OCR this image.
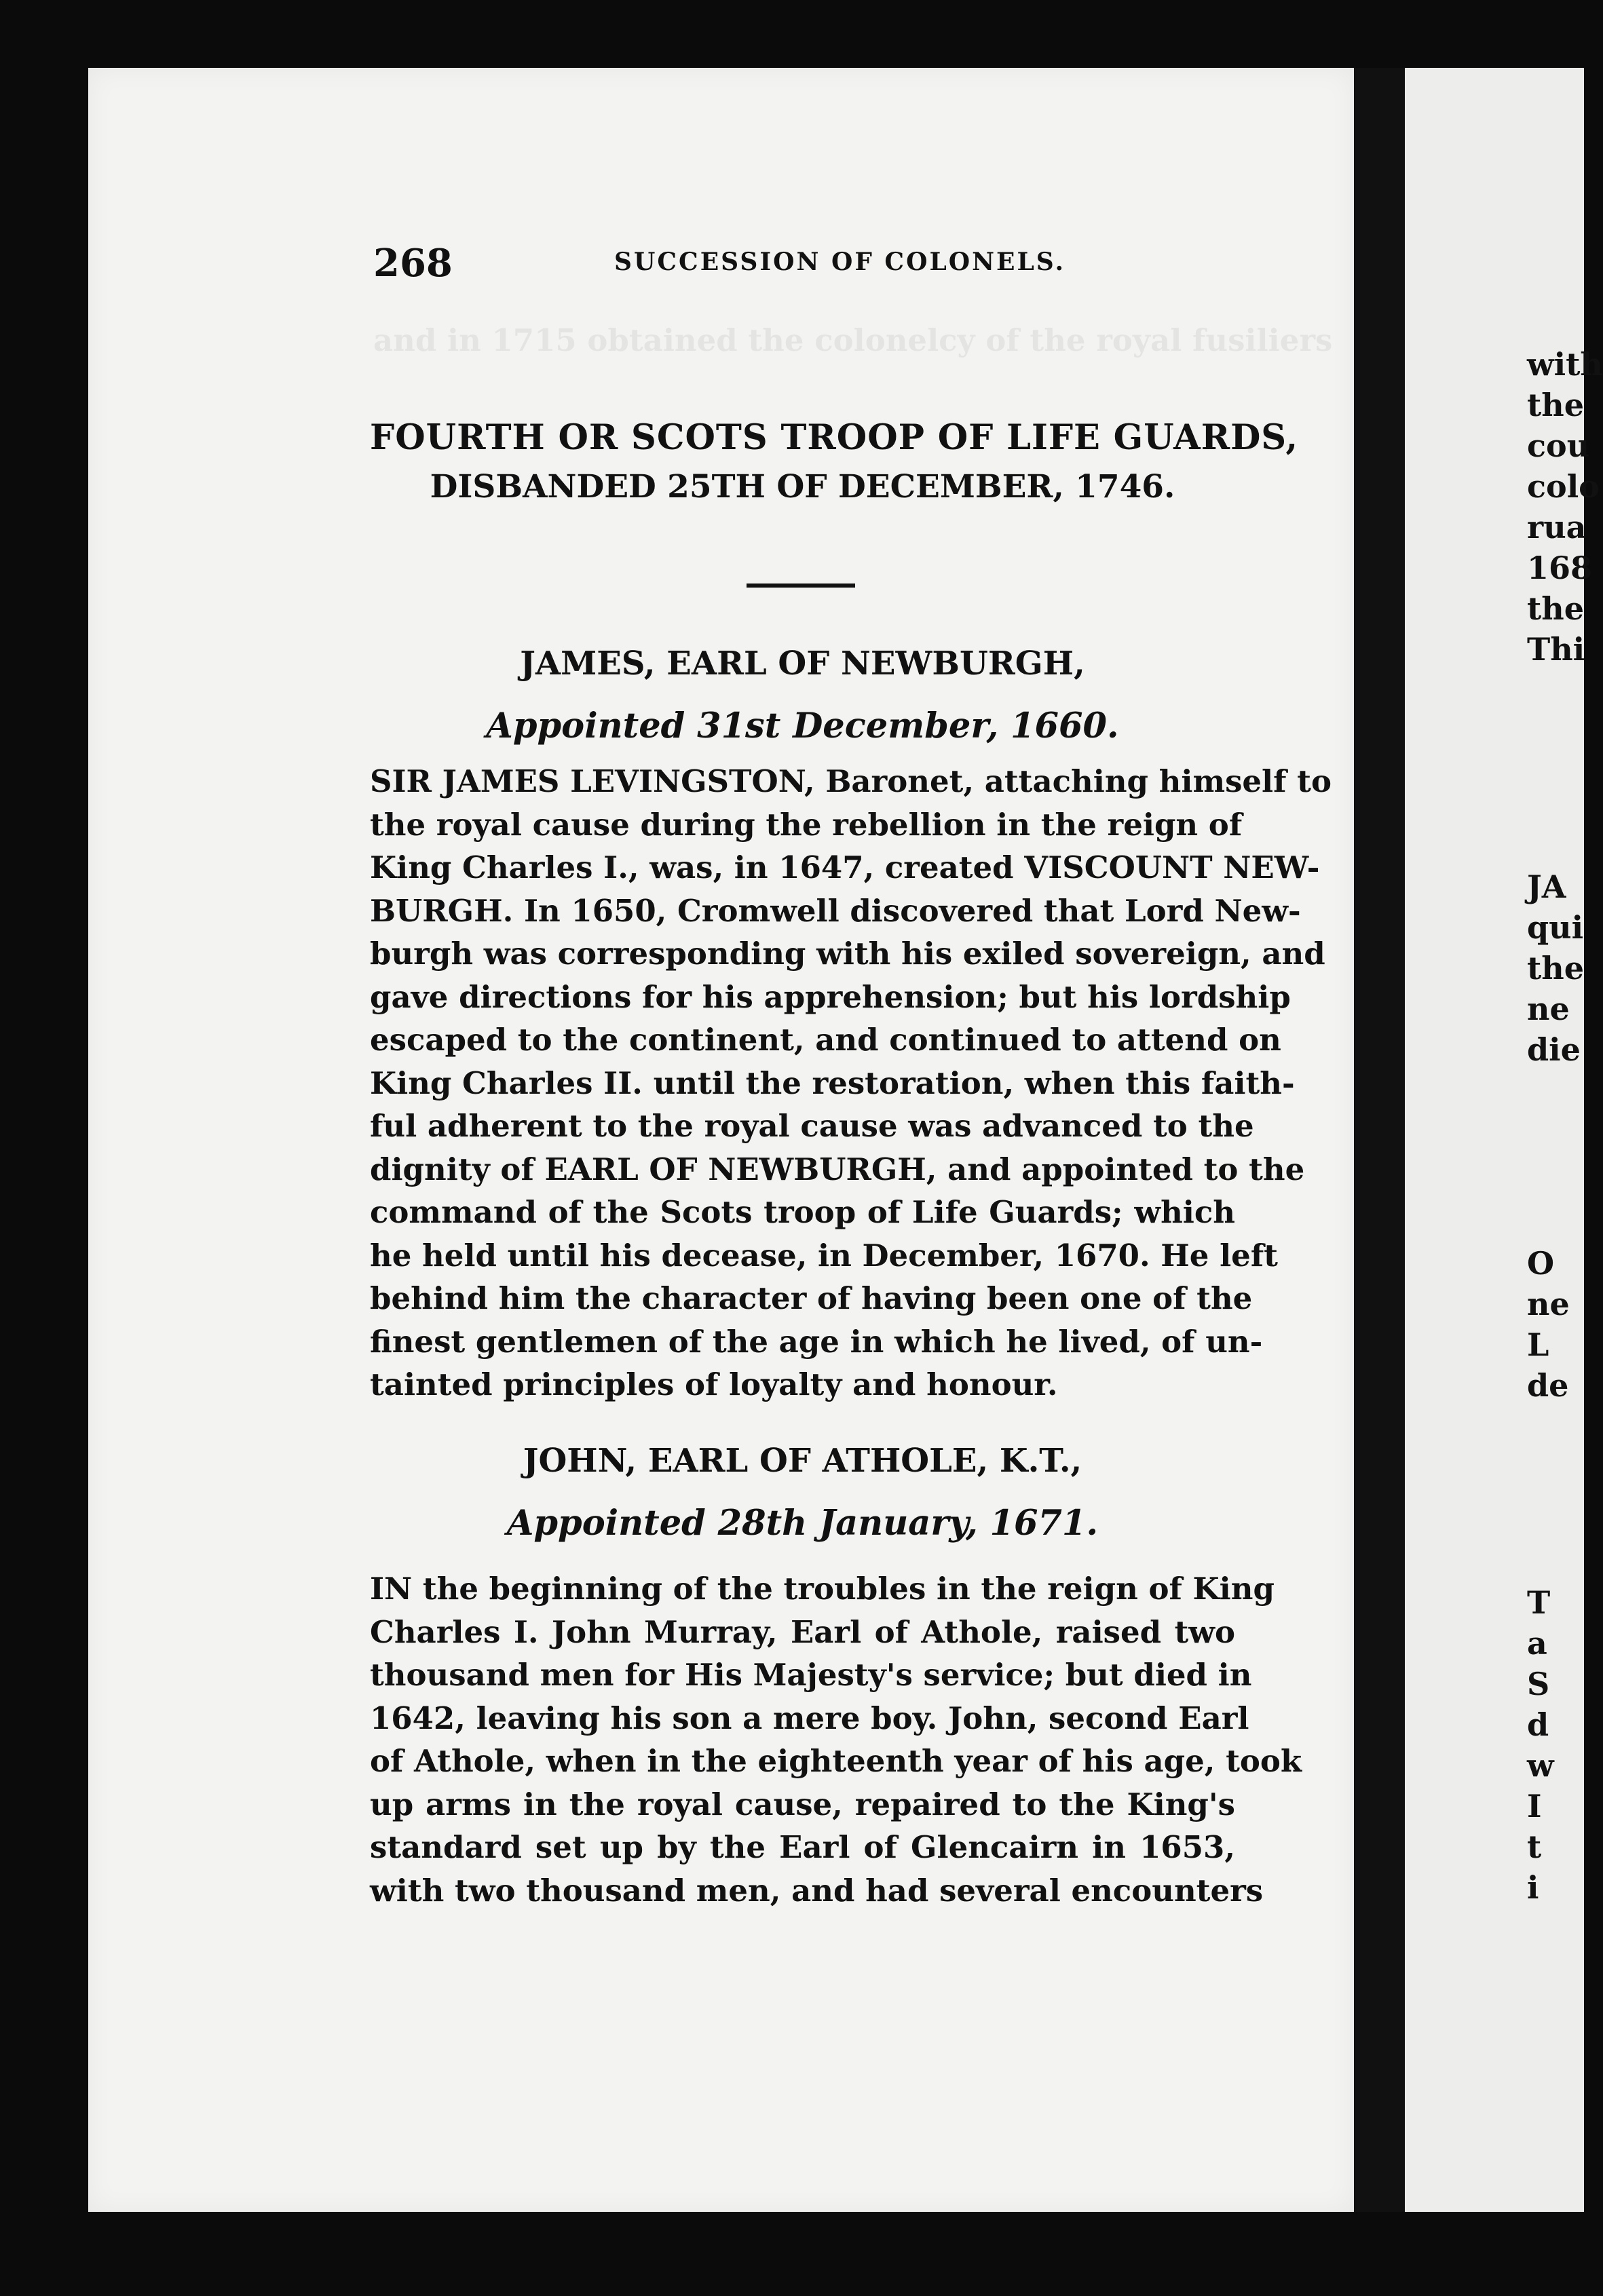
with
the
cou
colo
rua
168
the
Thi
JA
qui
the
ne
die
O
ne
L
de
T
a
S
d
w
I
t
i
268	SUCCESSION OF COLONELS.
and in 1715 obtained the colonelcy of the royal fusiliers
FOURTH OR SCOTS TROOP OF LIFE GUARDS,
DISBANDED 25TH OF DECEMBER, 1746.
JAMES, EARL OF NEWBURGH,
Appointed 31st December, 1660.
SIR JAMES LEVINGSTON, Baronet, attaching himself to
the royal cause during the rebellion in the reign of
King Charles I., was, in 1647, created VISCOUNT NEW-
BURGH. In 1650, Cromwell discovered that Lord New-
burgh was corresponding with his exiled sovereign, and
gave directions for his apprehension; but his lordship
escaped to the continent, and continued to attend on
King Charles II. until the restoration, when this faith-
ful adherent to the royal cause was advanced to the
dignity of EARL OF NEWBURGH, and appointed to the
command of the Scots troop of Life Guards; which
he held until his decease, in December, 1670. He left
behind him the character of having been one of the
finest gentlemen of the age in which he lived, of un-
tainted principles of loyalty and honour.
JOHN, EARL OF ATHOLE, K.T.,
Appointed 28th January, 1671.
IN the beginning of the troubles in the reign of King
Charles I. John Murray, Earl of Athole, raised two
thousand men for His Majesty's service; but died in
1642, leaving his son a mere boy. John, second Earl
of Athole, when in the eighteenth year of his age, took
up arms in the royal cause, repaired to the King's
standard set up by the Earl of Glencairn in 1653,
with two thousand men, and had several encounters
